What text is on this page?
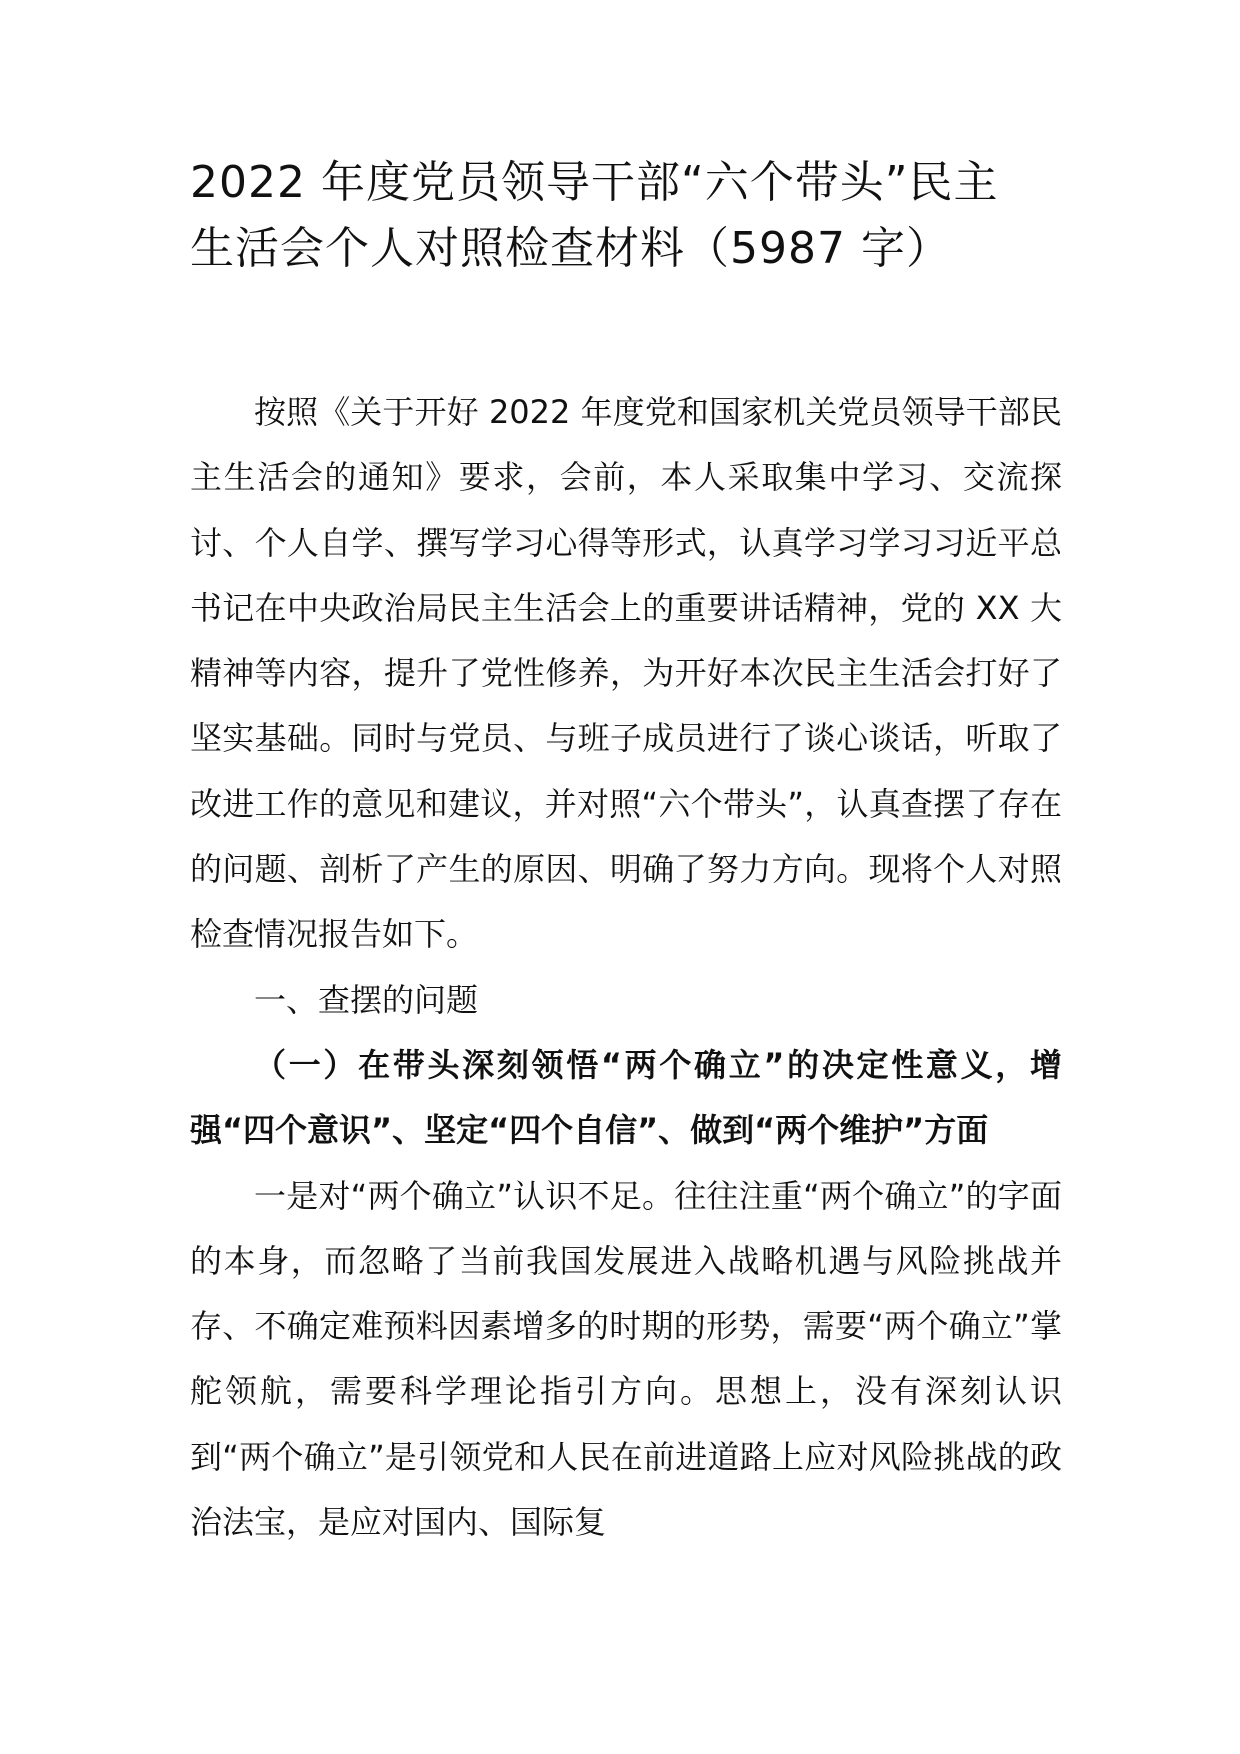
2022 年度党员领导干部“六个带头”民主
生活会个人对照检查材料（5987 字）

按照《关于开好 2022 年度党和国家机关党员领导干部民主生活会的通知》要求，会前，本人采取集中学习、交流探讨、个人自学、撰写学习心得等形式，认真学习学习习近平总书记在中央政治局民主生活会上的重要讲话精神，党的 XX 大精神等内容，提升了党性修养，为开好本次民主生活会打好了坚实基础。同时与党员、与班子成员进行了谈心谈话，听取了改进工作的意见和建议，并对照“六个带头”，认真查摆了存在的问题、剖析了产生的原因、明确了努力方向。现将个人对照检查情况报告如下。

一、查摆的问题

（一）在带头深刻领悟“两个确立”的决定性意义，增强“四个意识”、坚定“四个自信”、做到“两个维护”方面

一是对“两个确立”认识不足。往往注重“两个确立”的字面的本身，而忽略了当前我国发展进入战略机遇与风险挑战并存、不确定难预料因素增多的时期的形势，需要“两个确立”掌舵领航，需要科学理论指引方向。思想上，没有深刻认识到“两个确立”是引领党和人民在前进道路上应对风险挑战的政治法宝，是应对国内、国际复
